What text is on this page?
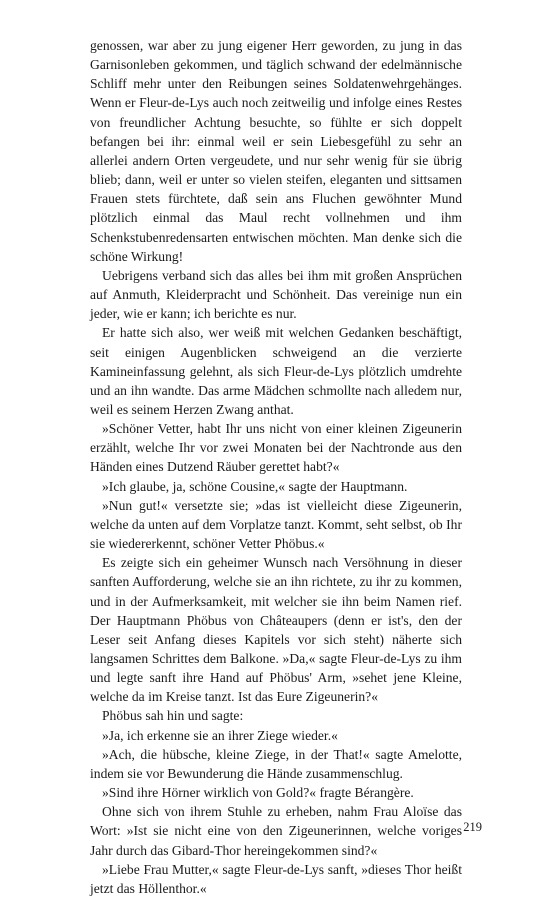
genossen, war aber zu jung eigener Herr geworden, zu jung in das Garnisonleben gekommen, und täglich schwand der edelmännische Schliff mehr unter den Reibungen seines Soldatenwehrgehänges. Wenn er Fleur-de-Lys auch noch zeitweilig und infolge eines Restes von freundlicher Achtung besuchte, so fühlte er sich doppelt befangen bei ihr: einmal weil er sein Liebesgefühl zu sehr an allerlei andern Orten vergeudete, und nur sehr wenig für sie übrig blieb; dann, weil er unter so vielen steifen, eleganten und sittsamen Frauen stets fürchtete, daß sein ans Fluchen gewöhnter Mund plötzlich einmal das Maul recht vollnehmen und ihm Schenkstubenredensarten entwischen möchten. Man denke sich die schöne Wirkung!

Uebrigens verband sich das alles bei ihm mit großen Ansprüchen auf Anmuth, Kleiderpracht und Schönheit. Das vereinige nun ein jeder, wie er kann; ich berichte es nur.

Er hatte sich also, wer weiß mit welchen Gedanken beschäftigt, seit einigen Augenblicken schweigend an die verzierte Kamineinfassung gelehnt, als sich Fleur-de-Lys plötzlich umdrehte und an ihn wandte. Das arme Mädchen schmollte nach alledem nur, weil es seinem Herzen Zwang anthat.

»Schöner Vetter, habt Ihr uns nicht von einer kleinen Zigeunerin erzählt, welche Ihr vor zwei Monaten bei der Nachtronde aus den Händen eines Dutzend Räuber gerettet habt?«

»Ich glaube, ja, schöne Cousine,« sagte der Hauptmann.

»Nun gut!« versetzte sie; »das ist vielleicht diese Zigeunerin, welche da unten auf dem Vorplatze tanzt. Kommt, seht selbst, ob Ihr sie wiedererkennt, schöner Vetter Phöbus.«

Es zeigte sich ein geheimer Wunsch nach Versöhnung in dieser sanften Aufforderung, welche sie an ihn richtete, zu ihr zu kommen, und in der Aufmerksamkeit, mit welcher sie ihn beim Namen rief. Der Hauptmann Phöbus von Châteaupers (denn er ist's, den der Leser seit Anfang dieses Kapitels vor sich steht) näherte sich langsamen Schrittes dem Balkone. »Da,« sagte Fleur-de-Lys zu ihm und legte sanft ihre Hand auf Phöbus' Arm, »sehet jene Kleine, welche da im Kreise tanzt. Ist das Eure Zigeunerin?«

Phöbus sah hin und sagte:

»Ja, ich erkenne sie an ihrer Ziege wieder.«

»Ach, die hübsche, kleine Ziege, in der That!« sagte Amelotte, indem sie vor Bewunderung die Hände zusammenschlug.

»Sind ihre Hörner wirklich von Gold?« fragte Bérangère.

Ohne sich von ihrem Stuhle zu erheben, nahm Frau Aloïse das Wort: »Ist sie nicht eine von den Zigeunerinnen, welche voriges Jahr durch das Gibard-Thor hereingekommen sind?«

»Liebe Frau Mutter,« sagte Fleur-de-Lys sanft, »dieses Thor heißt jetzt das Höllenthor.«

219
